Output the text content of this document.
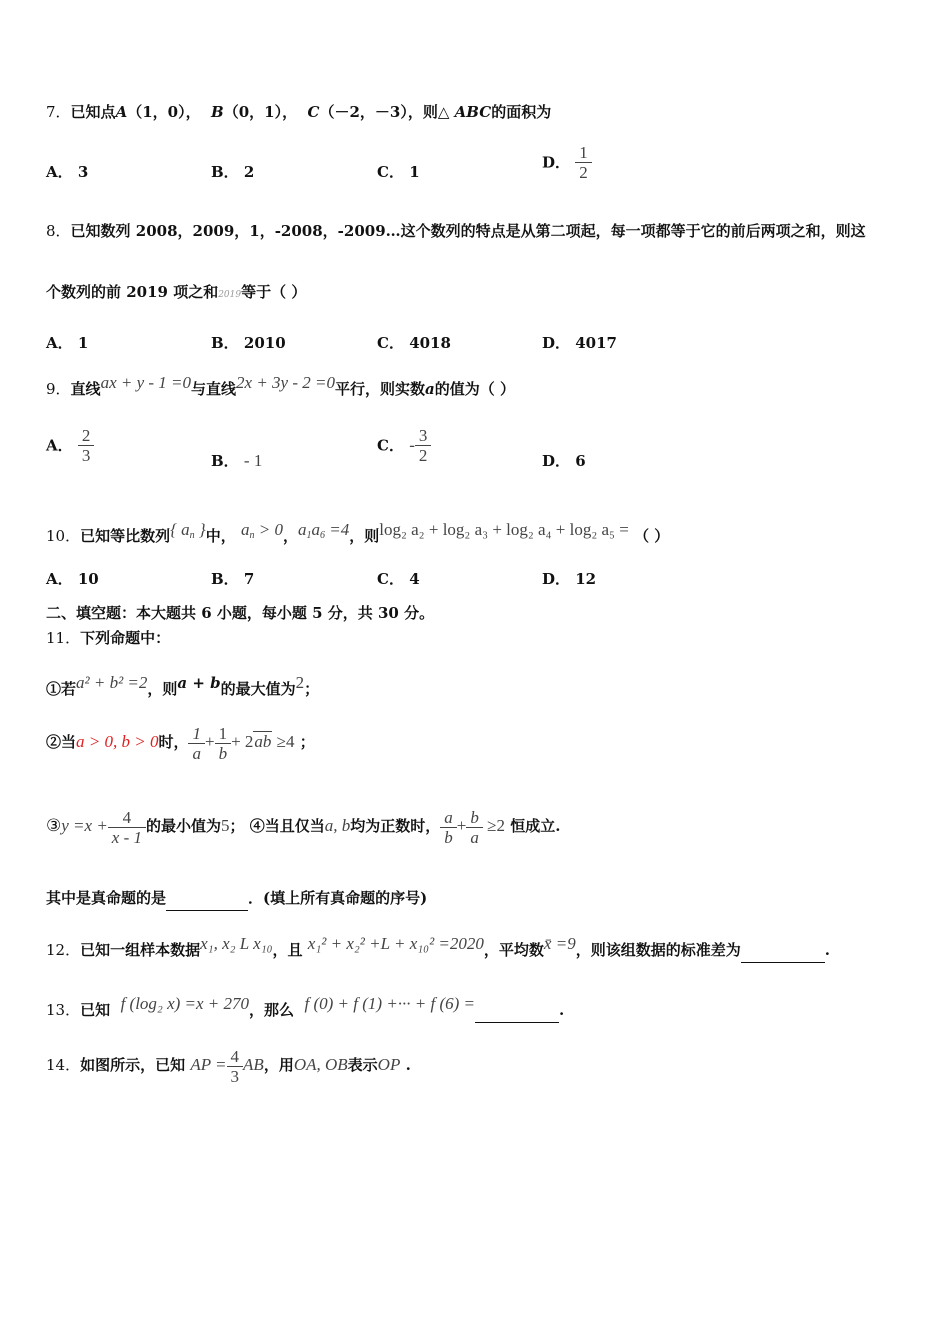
7．已知点A（1，0）， B（0，1）， C（－2，－3），则△ ABC的面积为
A． 3	B． 2	C． 1
D． $\frac{1}{2}$
8．已知数列 2008，2009，1，-2008，-2009…这个数列的特点是从第二项起，每一项都等于它的前后两项之和，则这
个数列的前 2019 项之和2019等于（ ）
A． 1	B． 2010	C． 4018	D． 4017
9．直线ax + y - 1 =0与直线2x + 3y - 2 =0平行，则实数a的值为（ ）
A． $\frac{2}{3}$	B． - 1
C． - $\frac{3}{2}$	D． 6
10．已知等比数列{ $a_n$ }中， $a_n > 0$，$a_1a_6 =4$，则log₂ a₂ + log₂ a₃ + log₂ a₄ + log₂ a₅ = （ ）
A． 10	B． 7	C． 4	D． 12
二、填空题：本大题共 6 小题，每小题 5 分，共 30 分。
11．下列命题中：
①若a² + b² =2，则a + b的最大值为2；
②当a > 0, b > 0时， $\frac{1}{a} + \frac{1}{b} + 2ab \ge 4$ ；
③y $=x + \frac{4}{x - 1}$ 的最小值为5； ④当且仅当a, b均为正数时， $\frac{a}{b} + \frac{b}{a} \ge 2$ 恒成立.
其中是真命题的是	．(填上所有真命题的序号)
12．已知一组样本数据x₁, x₂ L x₁₀，且 x₁² + x₂² +L + x₁₀² =2020，平均数x̄ =9，则该组数据的标准差为	.
13．已知 f (log₂ x) =x + 270，那么 f (0) + f (1) +··· + f (6) =	.
14．如图所示，已知 AP = $\frac{4}{3}$ AB，用OA, OB表示OP .
